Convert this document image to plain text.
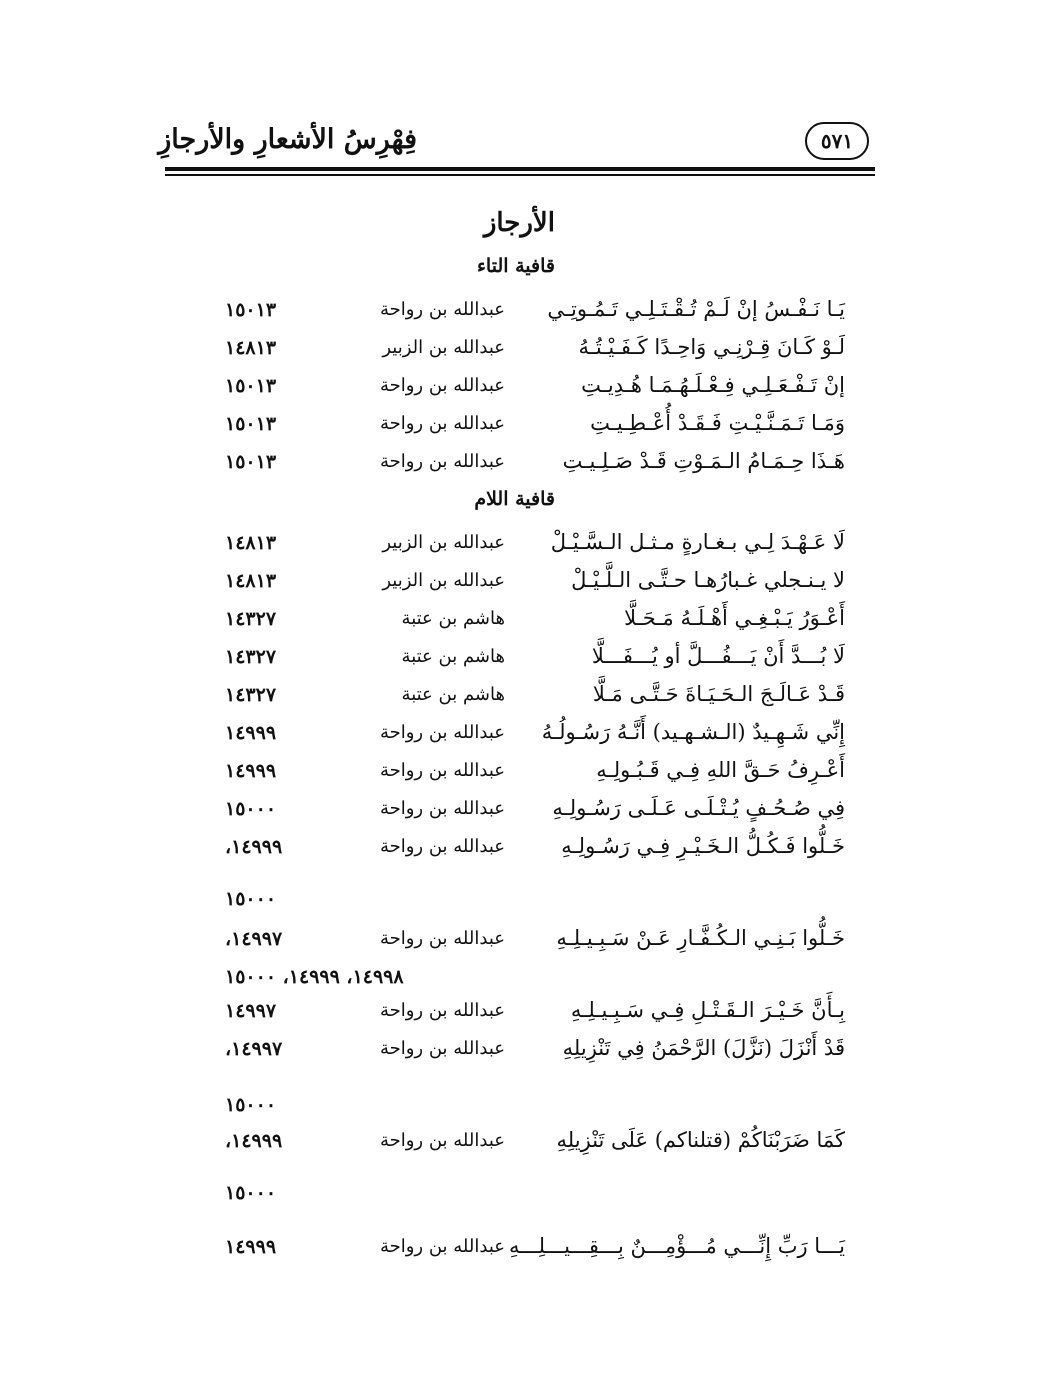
فِهْرِسُ الأشعارِ والأرجازِ	٥٧١
الأرجاز
قافية التاء
قافية اللام
يَـا نَـفْـسُ إنْ لَـمْ تُـقْـتَـلِـي تَـمُـوتِـي
عبدالله بن رواحة
١٥٠١٣
لَـوْ كَـانَ قِـرْنِـي وَاحِـدًا كَـفَـيْـتُـهُ
عبدالله بن الزبير
١٤٨١٣
إنْ تَـفْـعَـلِـي فِـعْـلَـهُـمَـا هُـدِيـتِ
عبدالله بن رواحة
١٥٠١٣
وَمَـا تَـمَـنَّـيْـتِ فَـقَـدْ أُعْـطِـيـتِ
عبدالله بن رواحة
١٥٠١٣
هَـذَا حِـمَـامُ الـمَـوْتِ قَـدْ صَـلِـيـتِ
عبدالله بن رواحة
١٥٠١٣
لَا عَـهْـدَ لِـي بـغـارةٍ مـثـل الـسَّـيْـلْ
عبدالله بن الزبير
١٤٨١٣
لا يـنـجلي غـبارُهـا حـتَّـى الـلَّـيْـلْ
عبدالله بن الزبير
١٤٨١٣
أَعْـوَرُ يَـبْـغِـي أَهْـلَـهُ مَـحَـلَّا
هاشم بن عتبة
١٤٣٢٧
لَا بُـــدَّ أَنْ يَـــفُـــلَّ أو يُـــفَـــلَّا
هاشم بن عتبة
١٤٣٢٧
قَـدْ عَـالَـجَ الـحَـيَـاةَ حَـتَّـى مَـلَّا
هاشم بن عتبة
١٤٣٢٧
إِنِّي شَـهِـيدٌ (الـشـهـيد) أَنَّـهُ رَسُـولُـهُ
عبدالله بن رواحة
١٤٩٩٩
أَعْـرِفُ حَـقَّ اللهِ فِـي قَـبُـولِـهِ
عبدالله بن رواحة
١٤٩٩٩
فِي صُـحُـفٍ يُـتْـلَـى عَـلَـى رَسُـولِـهِ
عبدالله بن رواحة
١٥٠٠٠
خَـلُّوا فَـكُـلُّ الـخَـيْـرِ فِـي رَسُـولِـهِ
عبدالله بن رواحة
١٤٩٩٩،
١٥٠٠٠
خَـلُّوا بَـنِـي الـكُـفَّـارِ عَـنْ سَـبِـيـلِـهِ
عبدالله بن رواحة
١٤٩٩٧،
١٤٩٩٨، ١٤٩٩٩، ١٥٠٠٠
بِـأَنَّ خَـيْـرَ الـقَـتْـلِ فِـي سَـبِـيـلِـهِ
عبدالله بن رواحة
١٤٩٩٧
قَدْ أَنْزَلَ (نَزَّلَ) الرَّحْمَنُ فِي تَنْزِيلِهِ
عبدالله بن رواحة
١٤٩٩٧،
١٥٠٠٠
كَمَا ضَرَبْنَاكُمْ (قتلناكم) عَلَى تَنْزِيلِهِ
عبدالله بن رواحة
١٤٩٩٩،
١٥٠٠٠
يَـــا رَبِّ إِنِّـــي مُـــؤْمِـــنٌ بِـــقِـــيـــلِـــهِ
عبدالله بن رواحة
١٤٩٩٩
